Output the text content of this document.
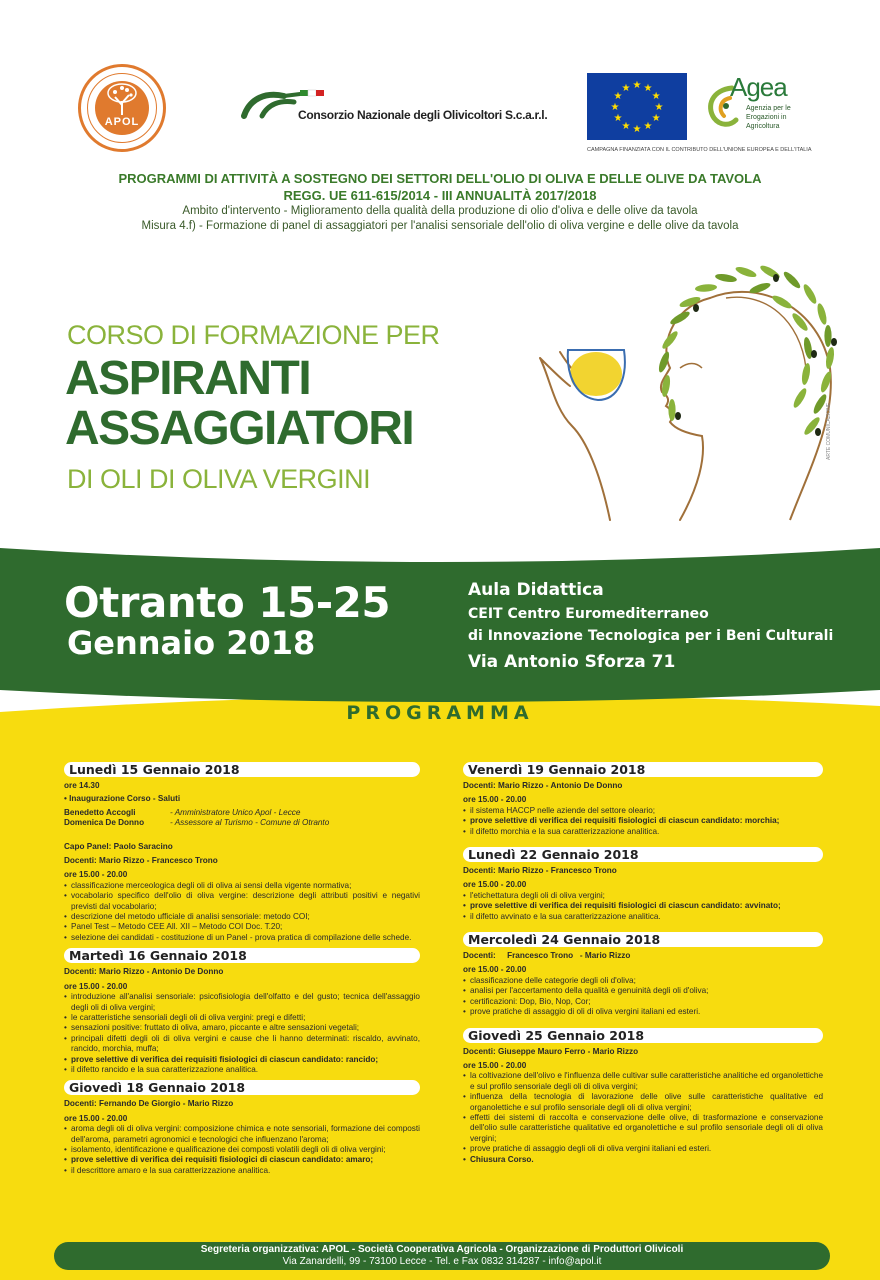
APOL	Consorzio Nazionale degli Olivicoltori S.c.a.r.l.
★ ★
★
★
★
★
★
★
★
★
★
★	Agea
Agenzia per le Erogazioni in Agricoltura
CAMPAGNA FINANZIATA CON IL CONTRIBUTO DELL'UNIONE EUROPEA E DELL'ITALIA
PROGRAMMI DI ATTIVITÀ A SOSTEGNO DEI SETTORI DELL'OLIO DI OLIVA E DELLE OLIVE DA TAVOLA
REGG. UE 611-615/2014 - III ANNUALITÀ 2017/2018
Ambito d'intervento - Miglioramento della qualità della produzione di olio d'oliva e delle olive da tavola
Misura 4.f) - Formazione di panel di assaggiatori per l'analisi sensoriale dell'olio di oliva vergine e delle olive da tavola
CORSO DI FORMAZIONE PER
ASPIRANTI
ASSAGGIATORI
DI OLI DI OLIVA VERGINI
ARTE COMUNICAZIONE
Otranto 15-25
Gennaio 2018
Aula Didattica
CEIT Centro Euromediterraneo
di Innovazione Tecnologica per i Beni Culturali
Via Antonio Sforza 71
PROGRAMMA
Lunedì 15 Gennaio 2018
ore 14.30
• Inaugurazione Corso - Saluti
Benedetto Accogli	- Amministratore Unico Apol - Lecce
Domenica De Donno	- Assessore al Turismo - Comune di Otranto
Capo Panel: Paolo Saracino
Docenti: Mario Rizzo - Francesco Trono
ore 15.00 - 20.00
• classificazione merceologica degli oli di oliva ai sensi della vigente normativa;
• vocabolario specifico dell'olio di oliva vergine: descrizione degli attributi positivi e negativi previsti dal vocabolario;
• descrizione del metodo ufficiale di analisi sensoriale: metodo COI;
• Panel Test – Metodo CEE All. XII – Metodo COI Doc. T.20;
• selezione dei candidati - costituzione di un Panel - prova pratica di compilazione delle schede.
Martedì 16 Gennaio 2018
Docenti: Mario Rizzo - Antonio De Donno
ore 15.00 - 20.00
• introduzione all'analisi sensoriale: psicofisiologia dell'olfatto e del gusto; tecnica dell'assaggio degli oli di oliva vergini;
• le caratteristiche sensoriali degli oli di oliva vergini: pregi e difetti;
• sensazioni positive: fruttato di oliva, amaro, piccante e altre sensazioni vegetali;
• principali difetti degli oli di oliva vergini e cause che li hanno determinati: riscaldo, avvinato, rancido, morchia, muffa;
• prove selettive di verifica dei requisiti fisiologici di ciascun candidato: rancido;
• il difetto rancido e la sua caratterizzazione analitica.
Giovedì 18 Gennaio 2018
Docenti: Fernando De Giorgio - Mario Rizzo
ore 15.00 - 20.00
• aroma degli oli di oliva vergini: composizione chimica e note sensoriali, formazione dei composti dell'aroma, parametri agronomici e tecnologici che influenzano l'aroma;
• isolamento, identificazione e qualificazione dei composti volatili degli oli di oliva vergini;
• prove selettive di verifica dei requisiti fisiologici di ciascun candidato: amaro;
• il descrittore amaro e la sua caratterizzazione analitica.
Venerdì 19 Gennaio 2018
Docenti: Mario Rizzo - Antonio De Donno
ore 15.00 - 20.00
• il sistema HACCP nelle aziende del settore oleario;
• prove selettive di verifica dei requisiti fisiologici di ciascun candidato: morchia;
• il difetto morchia e la sua caratterizzazione analitica.
Lunedì 22 Gennaio 2018
Docenti: Mario Rizzo - Francesco Trono
ore 15.00 - 20.00
• l'etichettatura degli oli di oliva vergini;
• prove selettive di verifica dei requisiti fisiologici di ciascun candidato: avvinato;
• il difetto avvinato e la sua caratterizzazione analitica.
Mercoledì 24 Gennaio 2018
Docenti:     Francesco Trono   - Mario Rizzo
ore 15.00 - 20.00
• classificazione delle categorie degli oli d'oliva;
• analisi per l'accertamento della qualità e genuinità degli oli d'oliva;
• certificazioni: Dop, Bio, Nop, Cor;
• prove pratiche di assaggio di oli di oliva vergini italiani ed esteri.
Giovedì 25 Gennaio 2018
Docenti: Giuseppe Mauro Ferro - Mario Rizzo
ore 15.00 - 20.00
• la coltivazione dell'olivo e l'influenza delle cultivar sulle caratteristiche analitiche ed organolettiche e sul profilo sensoriale degli oli di oliva vergini;
• influenza della tecnologia di lavorazione delle olive sulle caratteristiche qualitative ed organolettiche e sul profilo sensoriale degli oli di oliva vergini;
• effetti dei sistemi di raccolta e conservazione delle olive, di trasformazione e conservazione dell'olio sulle caratteristiche qualitative ed organolettiche e sul profilo sensoriale degli oli di oliva vergini;
• prove pratiche di assaggio degli oli di oliva vergini italiani ed esteri.
• Chiusura Corso.
Segreteria organizzativa: APOL - Società Cooperativa Agricola - Organizzazione di Produttori Olivicoli
Via Zanardelli, 99 - 73100 Lecce - Tel. e Fax 0832 314287 - info@apol.it
